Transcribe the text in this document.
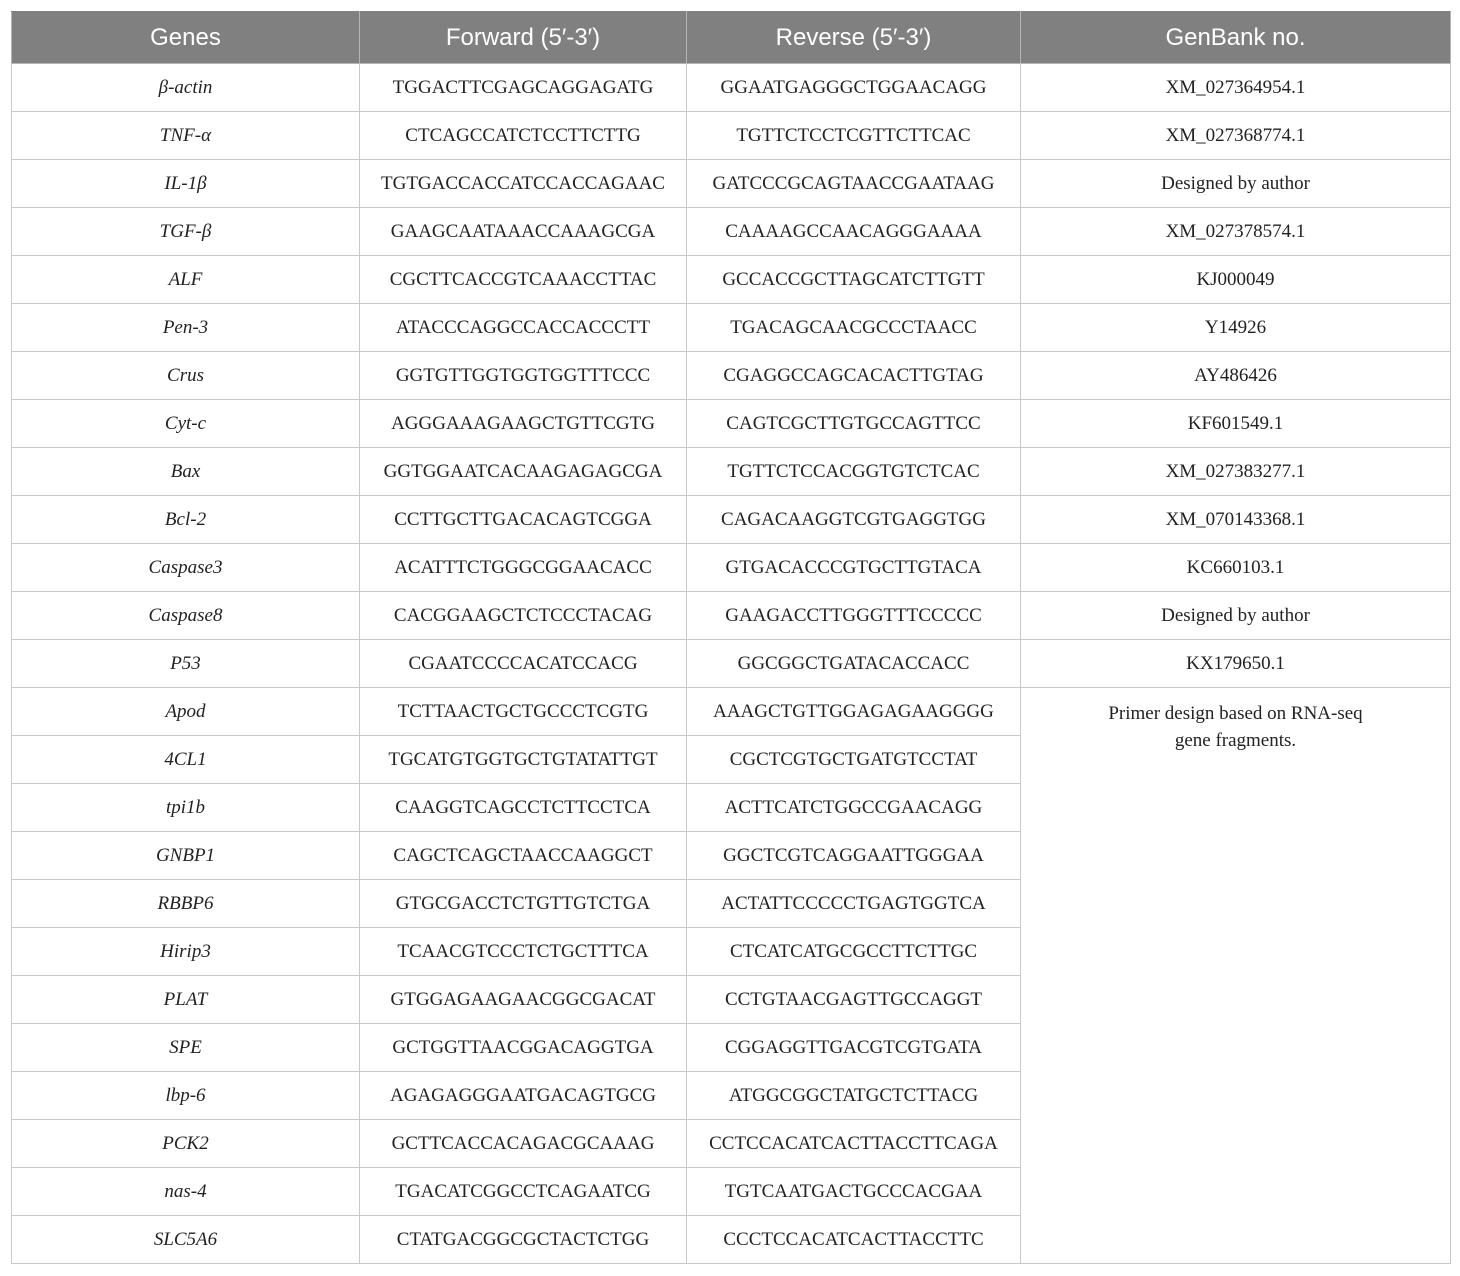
Genes	Forward (5′-3′)	Reverse (5′-3′)	GenBank no.
β-actin	TGGACTTCGAGCAGGAGATG	GGAATGAGGGCTGGAACAGG	XM_027364954.1
TNF-α	CTCAGCCATCTCCTTCTTG	TGTTCTCCTCGTTCTTCAC	XM_027368774.1
IL-1β	TGTGACCACCATCCACCAGAAC	GATCCCGCAGTAACCGAATAAG	Designed by author
TGF-β	GAAGCAATAAACCAAAGCGA	CAAAAGCCAACAGGGAAAA	XM_027378574.1
ALF	CGCTTCACCGTCAAACCTTAC	GCCACCGCTTAGCATCTTGTT	KJ000049
Pen-3	ATACCCAGGCCACCACCCTT	TGACAGCAACGCCCTAACC	Y14926
Crus	GGTGTTGGTGGTGGTTTCCC	CGAGGCCAGCACACTTGTAG	AY486426
Cyt-c	AGGGAAAGAAGCTGTTCGTG	CAGTCGCTTGTGCCAGTTCC	KF601549.1
Bax	GGTGGAATCACAAGAGAGCGA	TGTTCTCCACGGTGTCTCAC	XM_027383277.1
Bcl-2	CCTTGCTTGACACAGTCGGA	CAGACAAGGTCGTGAGGTGG	XM_070143368.1
Caspase3	ACATTTCTGGGCGGAACACC	GTGACACCCGTGCTTGTACA	KC660103.1
Caspase8	CACGGAAGCTCTCCCTACAG	GAAGACCTTGGGTTTCCCCC	Designed by author
P53	CGAATCCCCACATCCACG	GGCGGCTGATACACCACC	KX179650.1
Apod	TCTTAACTGCTGCCCTCGTG	AAAGCTGTTGGAGAGAAGGGG	Primer design based on RNA-seq gene fragments.

4CL1	TGCATGTGGTGCTGTATATTGT	CGCTCGTGCTGATGTCCTAT	
tpi1b	CAAGGTCAGCCTCTTCCTCA	ACTTCATCTGGCCGAACAGG	
GNBP1	CAGCTCAGCTAACCAAGGCT	GGCTCGTCAGGAATTGGGAA	
RBBP6	GTGCGACCTCTGTTGTCTGA	ACTATTCCCCCTGAGTGGTCA	
Hirip3	TCAACGTCCCTCTGCTTTCA	CTCATCATGCGCCTTCTTGC	
PLAT	GTGGAGAAGAACGGCGACAT	CCTGTAACGAGTTGCCAGGT	
SPE	GCTGGTTAACGGACAGGTGA	CGGAGGTTGACGTCGTGATA	
lbp-6	AGAGAGGGAATGACAGTGCG	ATGGCGGCTATGCTCTTACG	
PCK2	GCTTCACCACAGACGCAAAG	CCTCCACATCACTTACCTTCAGA	
nas-4	TGACATCGGCCTCAGAATCG	TGTCAATGACTGCCCACGAA	
SLC5A6	CTATGACGGCGCTACTCTGG	CCCTCCACATCACTTACCTTC	
